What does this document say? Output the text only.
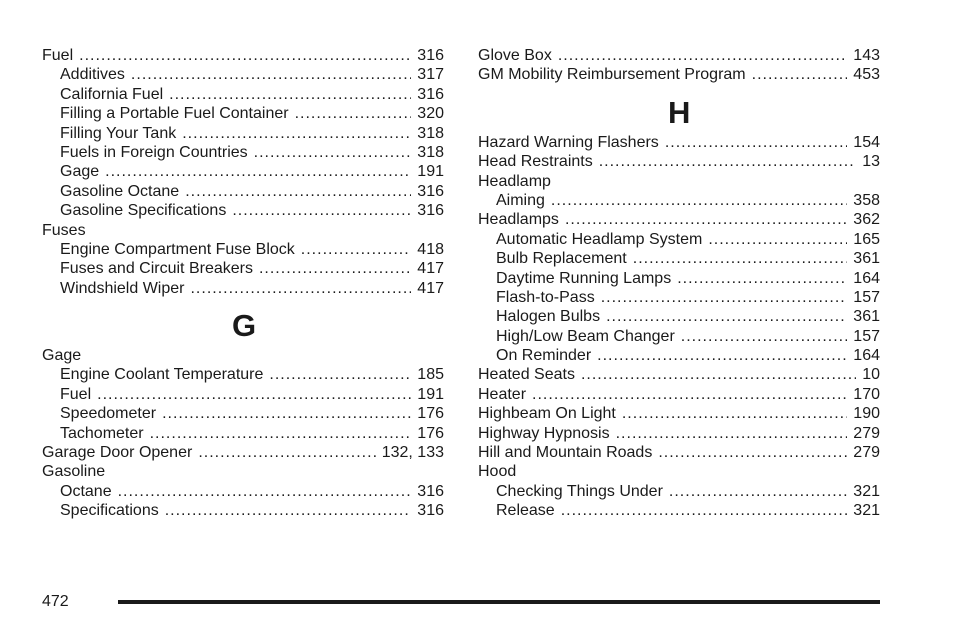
Fuel .....	316
Additives .....	317
California Fuel .....	316
Filling a Portable Fuel Container .....	320
Filling Your Tank .....	318
Fuels in Foreign Countries .....	318
Gage .....	191
Gasoline Octane .....	316
Gasoline Specifications .....	316
Fuses
Engine Compartment Fuse Block .....	418
Fuses and Circuit Breakers .....	417
Windshield Wiper .....	417
G
Gage
Engine Coolant Temperature .....	185
Fuel .....	191
Speedometer .....	176
Tachometer .....	176
Garage Door Opener .....	132, 133
Gasoline
Octane .....	316
Specifications .....	316
Glove Box .....	143
GM Mobility Reimbursement Program .....	453
H
Hazard Warning Flashers .....	154
Head Restraints .....	13
Headlamp
Aiming .....	358
Headlamps .....	362
Automatic Headlamp System .....	165
Bulb Replacement .....	361
Daytime Running Lamps .....	164
Flash-to-Pass .....	157
Halogen Bulbs .....	361
High/Low Beam Changer .....	157
On Reminder .....	164
Heated Seats .....	10
Heater .....	170
Highbeam On Light .....	190
Highway Hypnosis .....	279
Hill and Mountain Roads .....	279
Hood
Checking Things Under .....	321
Release .....	321
472
